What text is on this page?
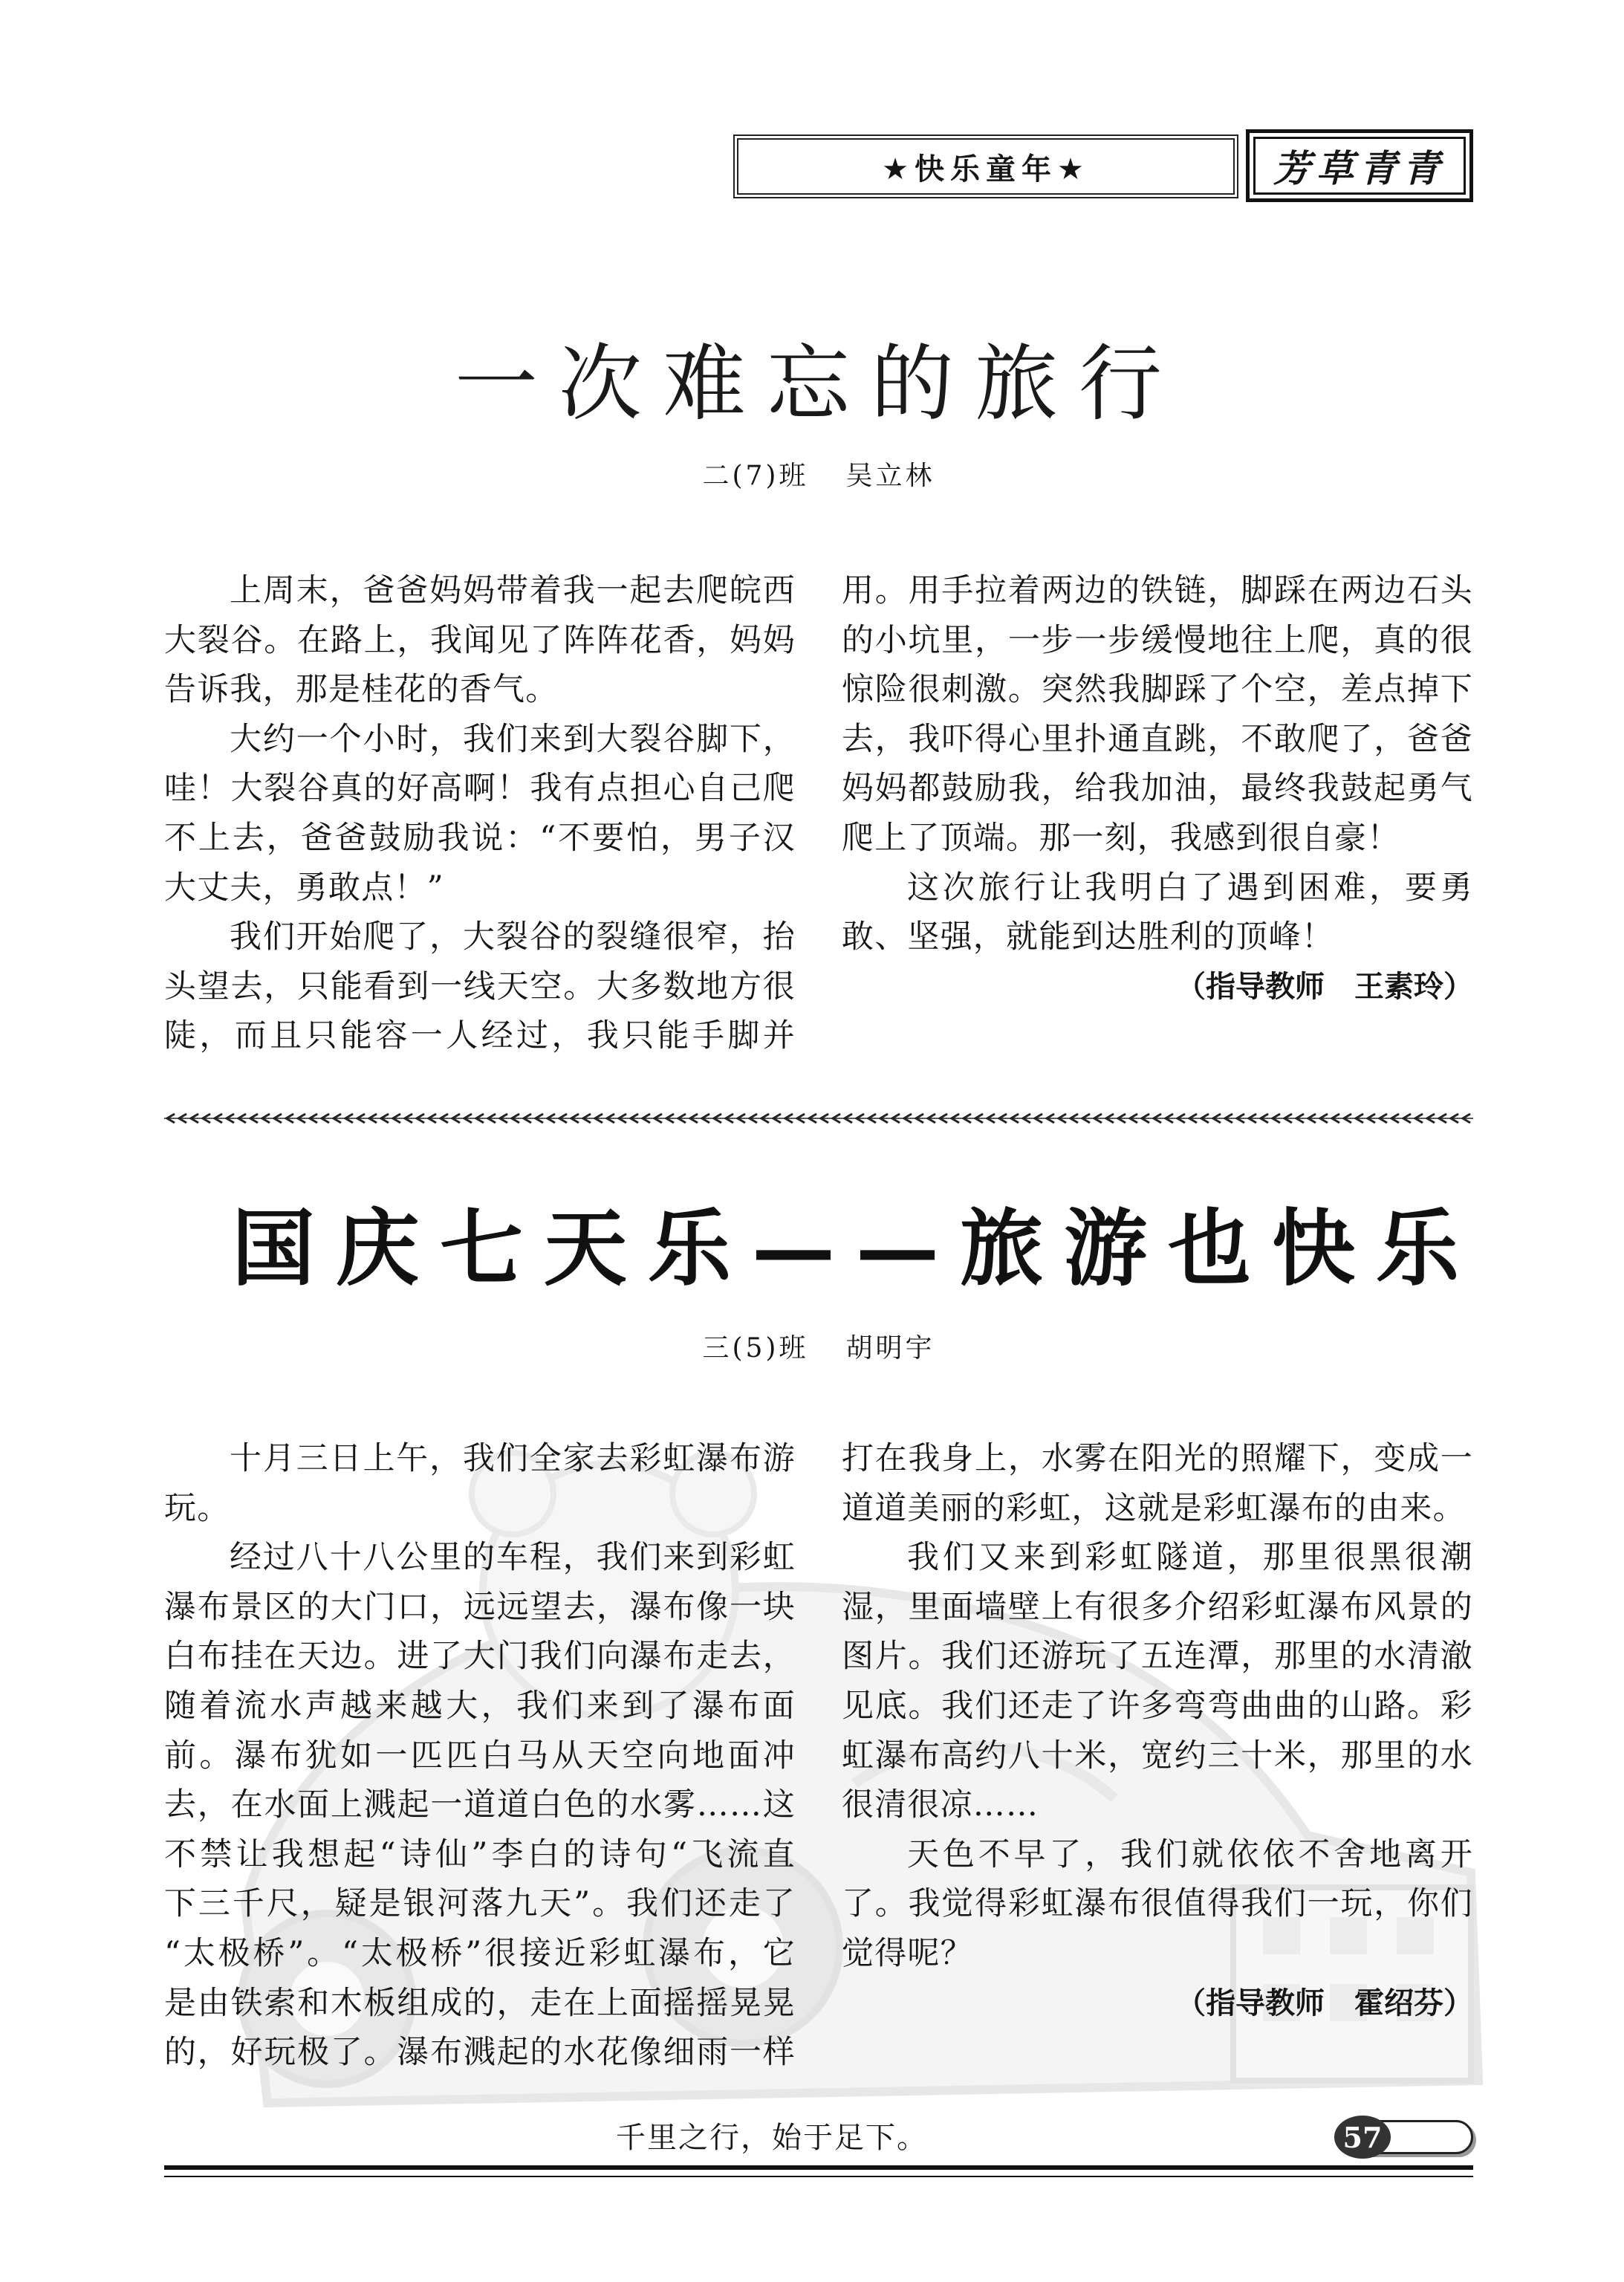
★快乐童年★	芳草青青
一次难忘的旅行
二(7)班 吴立林
上周末，爸爸妈妈带着我一起去爬皖西
大裂谷。在路上，我闻见了阵阵花香，妈妈
告诉我，那是桂花的香气。
大约一个小时，我们来到大裂谷脚下，
哇！大裂谷真的好高啊！我有点担心自己爬
不上去，爸爸鼓励我说：“不要怕，男子汉
大丈夫，勇敢点！”
我们开始爬了，大裂谷的裂缝很窄，抬
头望去，只能看到一线天空。大多数地方很
陡，而且只能容一人经过，我只能手脚并
用。用手拉着两边的铁链，脚踩在两边石头
的小坑里，一步一步缓慢地往上爬，真的很
惊险很刺激。突然我脚踩了个空，差点掉下
去，我吓得心里扑通直跳，不敢爬了，爸爸
妈妈都鼓励我，给我加油，最终我鼓起勇气
爬上了顶端。那一刻，我感到很自豪！
这次旅行让我明白了遇到困难，要勇
敢、坚强，就能到达胜利的顶峰！
（指导教师　王素玲）
国庆七天乐——旅游也快乐
三(5)班 胡明宇
十月三日上午，我们全家去彩虹瀑布游
玩。
经过八十八公里的车程，我们来到彩虹
瀑布景区的大门口，远远望去，瀑布像一块
白布挂在天边。进了大门我们向瀑布走去，
随着流水声越来越大，我们来到了瀑布面
前。瀑布犹如一匹匹白马从天空向地面冲
去，在水面上溅起一道道白色的水雾……这
不禁让我想起“诗仙”李白的诗句“飞流直
下三千尺，疑是银河落九天”。我们还走了
“太极桥”。“太极桥”很接近彩虹瀑布，它
是由铁索和木板组成的，走在上面摇摇晃晃
的，好玩极了。瀑布溅起的水花像细雨一样
打在我身上，水雾在阳光的照耀下，变成一
道道美丽的彩虹，这就是彩虹瀑布的由来。
我们又来到彩虹隧道，那里很黑很潮
湿，里面墙壁上有很多介绍彩虹瀑布风景的
图片。我们还游玩了五连潭，那里的水清澈
见底。我们还走了许多弯弯曲曲的山路。彩
虹瀑布高约八十米，宽约三十米，那里的水
很清很凉……
天色不早了，我们就依依不舍地离开
了。我觉得彩虹瀑布很值得我们一玩，你们
觉得呢？
（指导教师　霍绍芬）
千里之行，始于足下。	57
